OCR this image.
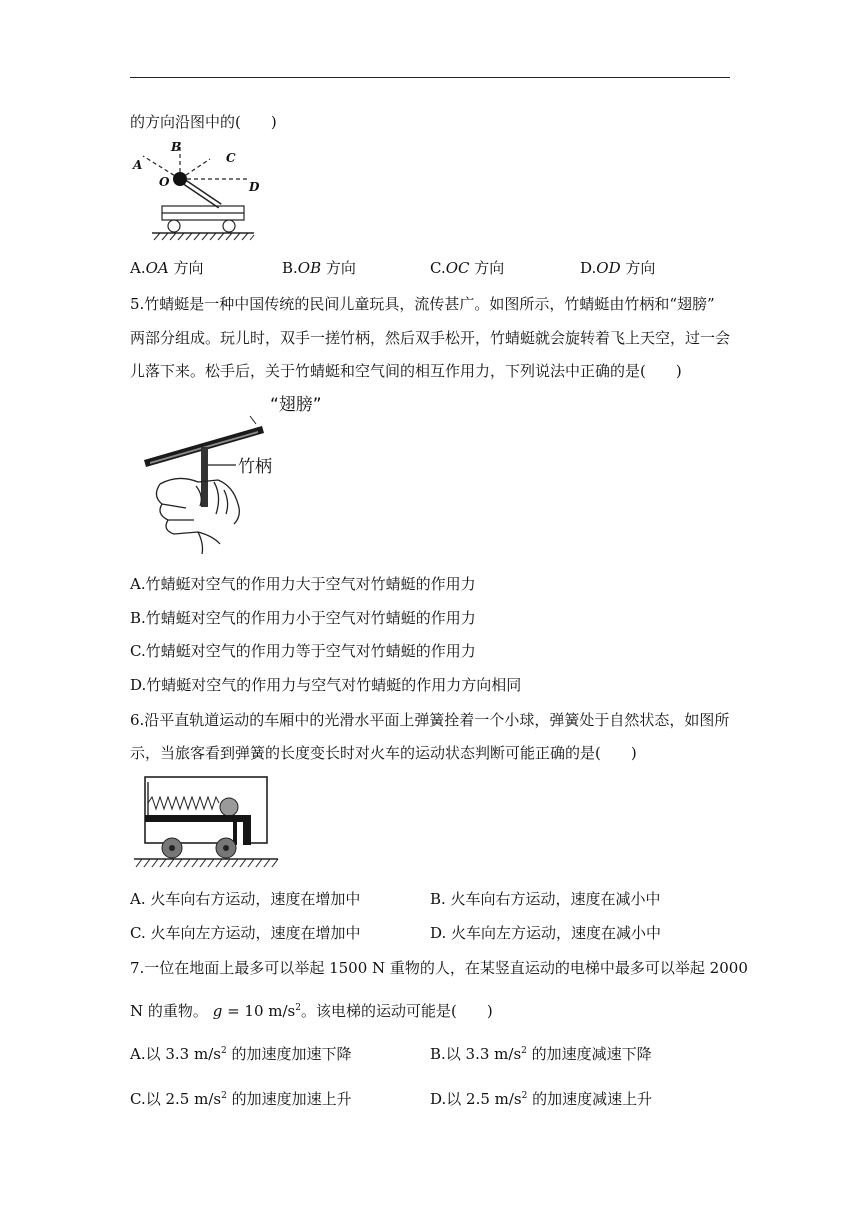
的方向沿图中的(　　)
A
B
C
O	D
A.OA 方向	B.OB 方向	C.OC 方向	D.OD 方向
5.竹蜻蜓是一种中国传统的民间儿童玩具，流传甚广。如图所示，竹蜻蜓由竹柄和“翅膀”
两部分组成。玩儿时，双手一搓竹柄，然后双手松开，竹蜻蜓就会旋转着飞上天空，过一会
儿落下来。松手后，关于竹蜻蜓和空气间的相互作用力，下列说法中正确的是(　　)
“翅膀”
竹柄
A.竹蜻蜓对空气的作用力大于空气对竹蜻蜓的作用力
B.竹蜻蜓对空气的作用力小于空气对竹蜻蜓的作用力
C.竹蜻蜓对空气的作用力等于空气对竹蜻蜓的作用力
D.竹蜻蜓对空气的作用力与空气对竹蜻蜓的作用力方向相同
6.沿平直轨道运动的车厢中的光滑水平面上弹簧拴着一个小球，弹簧处于自然状态，如图所
示，当旅客看到弹簧的长度变长时对火车的运动状态判断可能正确的是(　　)
A. 火车向右方运动，速度在增加中	B. 火车向右方运动，速度在减小中
C. 火车向左方运动，速度在增加中	D. 火车向左方运动，速度在减小中
7.一位在地面上最多可以举起 1500 N 重物的人，在某竖直运动的电梯中最多可以举起 2000
N 的重物。 g = 10 $m/s^2$。该电梯的运动可能是(　　)
A.以 3.3 $m/s^2$ 的加速度加速下降	B.以 3.3 $m/s^2$ 的加速度减速下降
C.以 2.5 $m/s^2$ 的加速度加速上升	D.以 2.5 $m/s^2$ 的加速度减速上升
